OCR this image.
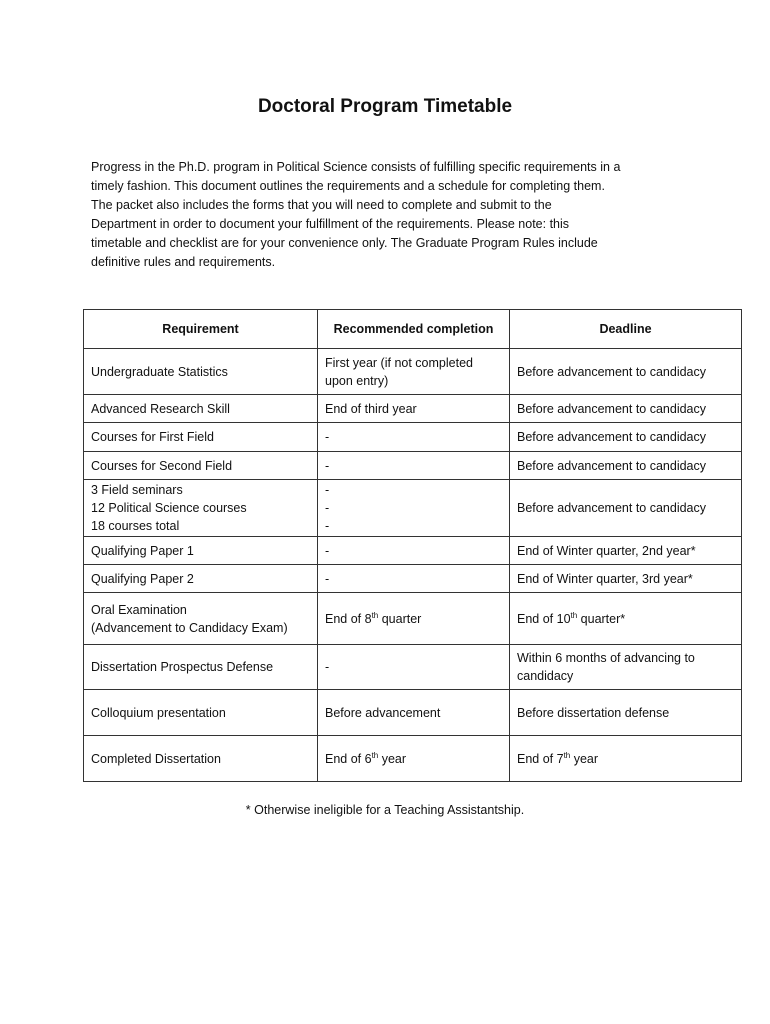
Doctoral Program Timetable
Progress in the Ph.D. program in Political Science consists of fulfilling specific requirements in a
timely fashion. This document outlines the requirements and a schedule for completing them.
The packet also includes the forms that you will need to complete and submit to the
Department in order to document your fulfillment of the requirements. Please note: this
timetable and checklist are for your convenience only. The Graduate Program Rules include
definitive rules and requirements.
Requirement	Recommended completion	Deadline

Undergraduate Statistics	First year (if not completed
upon entry)	Before advancement to candidacy

Advanced Research Skill	End of third year	Before advancement to candidacy

Courses for First Field	-	Before advancement to candidacy

Courses for Second Field	-	Before advancement to candidacy

3 Field seminars
12 Political Science courses
18 courses total	-
-
-	Before advancement to candidacy

Qualifying Paper 1	-	End of Winter quarter, 2nd year*

Qualifying Paper 2	-	End of Winter quarter, 3rd year*

Oral Examination
(Advancement to Candidacy Exam)	End of 8th quarter	End of 10th quarter*

Dissertation Prospectus Defense	-	Within 6 months of advancing to
candidacy

Colloquium presentation	Before advancement	Before dissertation defense

Completed Dissertation	End of 6th year	End of 7th year
* Otherwise ineligible for a Teaching Assistantship.
